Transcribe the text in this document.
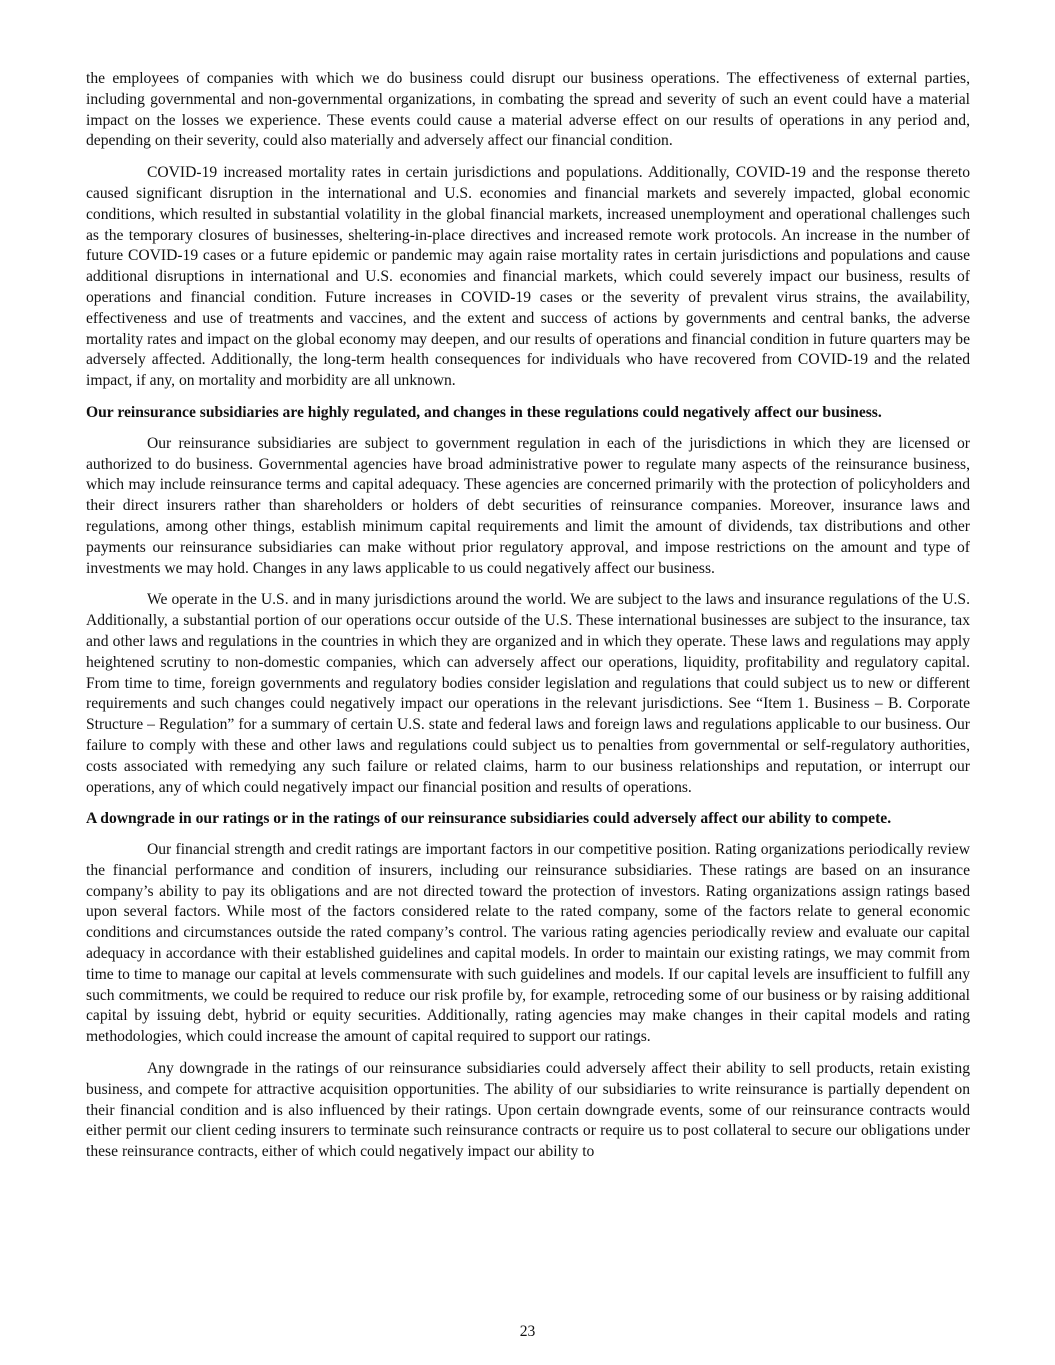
the employees of companies with which we do business could disrupt our business operations. The effectiveness of external parties, including governmental and non-governmental organizations, in combating the spread and severity of such an event could have a material impact on the losses we experience. These events could cause a material adverse effect on our results of operations in any period and, depending on their severity, could also materially and adversely affect our financial condition.

COVID-19 increased mortality rates in certain jurisdictions and populations. Additionally, COVID-19 and the response thereto caused significant disruption in the international and U.S. economies and financial markets and severely impacted, global economic conditions, which resulted in substantial volatility in the global financial markets, increased unemployment and operational challenges such as the temporary closures of businesses, sheltering-in-place directives and increased remote work protocols. An increase in the number of future COVID-19 cases or a future epidemic or pandemic may again raise mortality rates in certain jurisdictions and populations and cause additional disruptions in international and U.S. economies and financial markets, which could severely impact our business, results of operations and financial condition. Future increases in COVID-19 cases or the severity of prevalent virus strains, the availability, effectiveness and use of treatments and vaccines, and the extent and success of actions by governments and central banks, the adverse mortality rates and impact on the global economy may deepen, and our results of operations and financial condition in future quarters may be adversely affected. Additionally, the long-term health consequences for individuals who have recovered from COVID-19 and the related impact, if any, on mortality and morbidity are all unknown.

Our reinsurance subsidiaries are highly regulated, and changes in these regulations could negatively affect our business.

Our reinsurance subsidiaries are subject to government regulation in each of the jurisdictions in which they are licensed or authorized to do business. Governmental agencies have broad administrative power to regulate many aspects of the reinsurance business, which may include reinsurance terms and capital adequacy. These agencies are concerned primarily with the protection of policyholders and their direct insurers rather than shareholders or holders of debt securities of reinsurance companies. Moreover, insurance laws and regulations, among other things, establish minimum capital requirements and limit the amount of dividends, tax distributions and other payments our reinsurance subsidiaries can make without prior regulatory approval, and impose restrictions on the amount and type of investments we may hold. Changes in any laws applicable to us could negatively affect our business.

We operate in the U.S. and in many jurisdictions around the world. We are subject to the laws and insurance regulations of the U.S. Additionally, a substantial portion of our operations occur outside of the U.S. These international businesses are subject to the insurance, tax and other laws and regulations in the countries in which they are organized and in which they operate. These laws and regulations may apply heightened scrutiny to non-domestic companies, which can adversely affect our operations, liquidity, profitability and regulatory capital. From time to time, foreign governments and regulatory bodies consider legislation and regulations that could subject us to new or different requirements and such changes could negatively impact our operations in the relevant jurisdictions. See “Item 1. Business – B. Corporate Structure – Regulation” for a summary of certain U.S. state and federal laws and foreign laws and regulations applicable to our business. Our failure to comply with these and other laws and regulations could subject us to penalties from governmental or self-regulatory authorities, costs associated with remedying any such failure or related claims, harm to our business relationships and reputation, or interrupt our operations, any of which could negatively impact our financial position and results of operations.

A downgrade in our ratings or in the ratings of our reinsurance subsidiaries could adversely affect our ability to compete.

Our financial strength and credit ratings are important factors in our competitive position. Rating organizations periodically review the financial performance and condition of insurers, including our reinsurance subsidiaries. These ratings are based on an insurance company’s ability to pay its obligations and are not directed toward the protection of investors. Rating organizations assign ratings based upon several factors. While most of the factors considered relate to the rated company, some of the factors relate to general economic conditions and circumstances outside the rated company’s control. The various rating agencies periodically review and evaluate our capital adequacy in accordance with their established guidelines and capital models. In order to maintain our existing ratings, we may commit from time to time to manage our capital at levels commensurate with such guidelines and models. If our capital levels are insufficient to fulfill any such commitments, we could be required to reduce our risk profile by, for example, retroceding some of our business or by raising additional capital by issuing debt, hybrid or equity securities. Additionally, rating agencies may make changes in their capital models and rating methodologies, which could increase the amount of capital required to support our ratings.

Any downgrade in the ratings of our reinsurance subsidiaries could adversely affect their ability to sell products, retain existing business, and compete for attractive acquisition opportunities. The ability of our subsidiaries to write reinsurance is partially dependent on their financial condition and is also influenced by their ratings. Upon certain downgrade events, some of our reinsurance contracts would either permit our client ceding insurers to terminate such reinsurance contracts or require us to post collateral to secure our obligations under these reinsurance contracts, either of which could negatively impact our ability to

23
